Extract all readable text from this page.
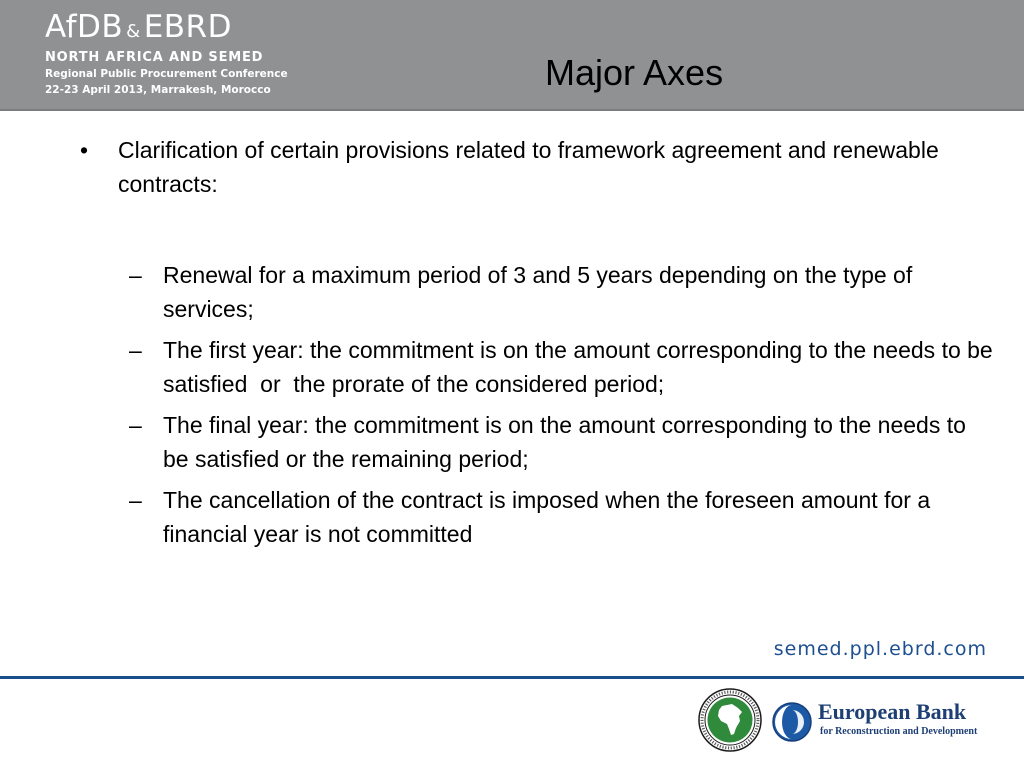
AfDB &EBRD
NORTH AFRICA AND SEMED
Regional Public Procurement Conference
22-23 April 2013, Marrakesh, Morocco	Major Axes
• Clarification of certain provisions related to framework agreement and renewable contracts:
– Renewal for a maximum period of 3 and 5 years depending on the type of services;
– The first year: the commitment is on the amount corresponding to the needs to be satisfied  or  the prorate of the considered period;
– The final year: the commitment is on the amount corresponding to the needs to be satisfied or the remaining period;
– The cancellation of the contract is imposed when the foreseen amount for a financial year is not committed
semed.ppl.ebrd.com
European Bank
for Reconstruction and Development
